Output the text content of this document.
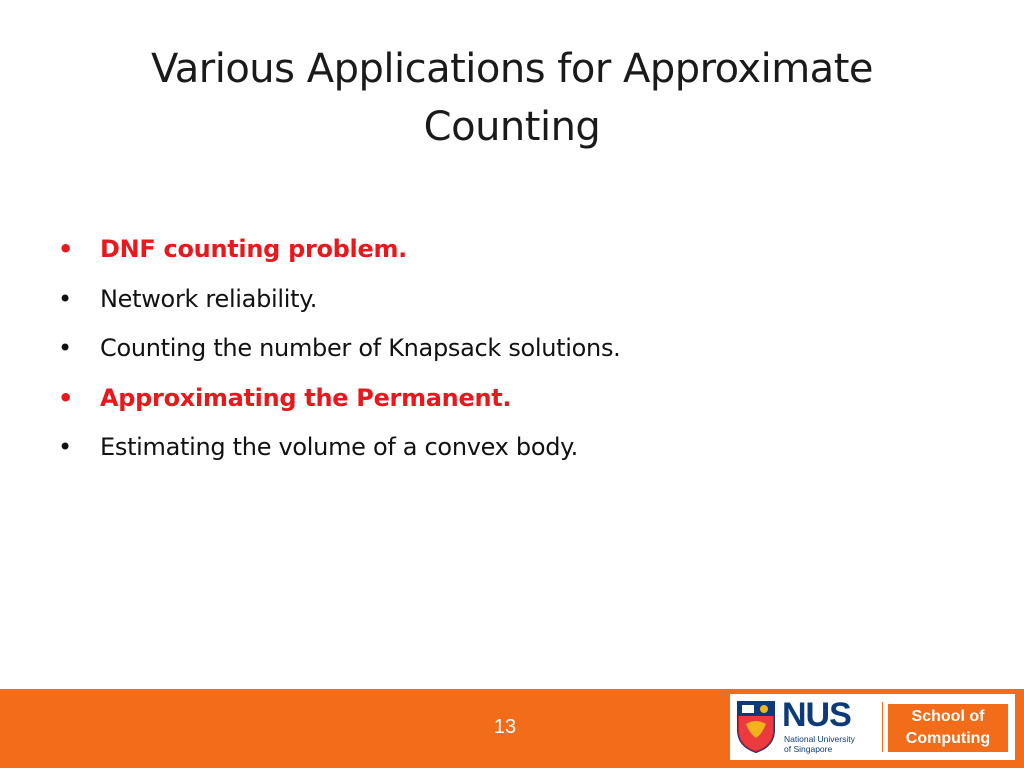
Various Applications for Approximate
Counting
• DNF counting problem.
• Network reliability.
• Counting the number of Knapsack solutions.
• Approximating the Permanent.
• Estimating the volume of a convex body.
13	NUS
National University
of Singapore
School of
Computing
